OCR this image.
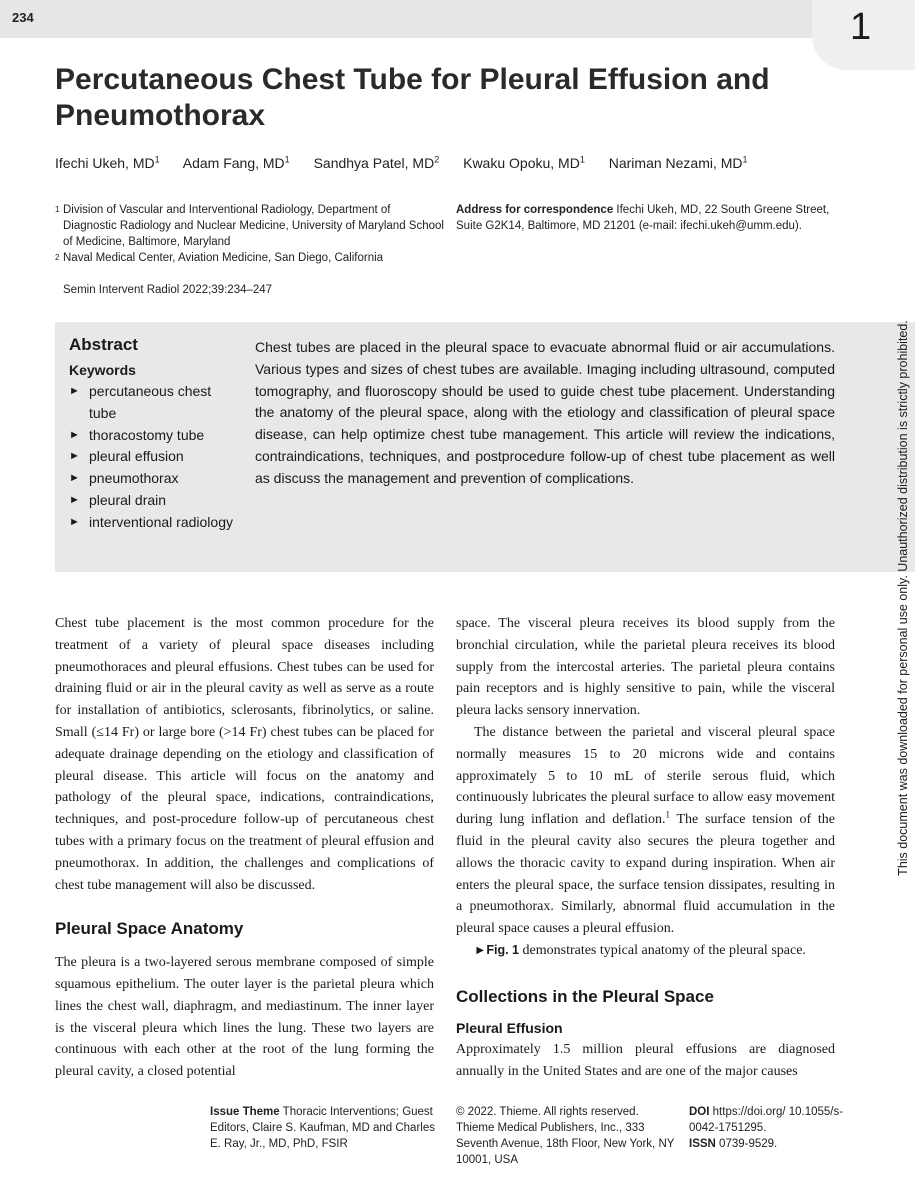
234	1
Percutaneous Chest Tube for Pleural Effusion and Pneumothorax
Ifechi Ukeh, $MD^1$ Adam Fang, $MD^1$ Sandhya Patel, $MD^2$ Kwaku Opoku, $MD^1$ Nariman Nezami, $MD^1$
1 Division of Vascular and Interventional Radiology, Department of Diagnostic Radiology and Nuclear Medicine, University of Maryland School of Medicine, Baltimore, Maryland
2 Naval Medical Center, Aviation Medicine, San Diego, California
Address for correspondence Ifechi Ukeh, MD, 22 South Greene Street, Suite G2K14, Baltimore, MD 21201 (e-mail: ifechi.ukeh@umm.edu).
Semin Intervent Radiol 2022;39:234–247
Abstract
Keywords
► percutaneous chest tube
► thoracostomy tube
► pleural effusion
► pneumothorax
► pleural drain
► interventional radiology

Chest tubes are placed in the pleural space to evacuate abnormal fluid or air accumulations. Various types and sizes of chest tubes are available. Imaging including ultrasound, computed tomography, and fluoroscopy should be used to guide chest tube placement. Understanding the anatomy of the pleural space, along with the etiology and classification of pleural space disease, can help optimize chest tube management. This article will review the indications, contraindications, techniques, and postprocedure follow-up of chest tube placement as well as discuss the management and prevention of complications.	This document was downloaded for personal use only. Unauthorized distribution is strictly prohibited.

Chest tube placement is the most common procedure for the treatment of a variety of pleural space diseases including pneumothoraces and pleural effusions. Chest tubes can be used for draining fluid or air in the pleural cavity as well as serve as a route for installation of antibiotics, sclerosants, fibrinolytics, or saline. Small (≤14 Fr) or large bore (>14 Fr) chest tubes can be placed for adequate drainage depending on the etiology and classification of pleural disease. This article will focus on the anatomy and pathology of the pleural space, indications, contraindications, techniques, and post-procedure follow-up of percutaneous chest tubes with a primary focus on the treatment of pleural effusion and pneumothorax. In addition, the challenges and complications of chest tube management will also be discussed.

Pleural Space Anatomy

The pleura is a two-layered serous membrane composed of simple squamous epithelium. The outer layer is the parietal pleura which lines the chest wall, diaphragm, and mediastinum. The inner layer is the visceral pleura which lines the lung. These two layers are continuous with each other at the root of the lung forming the pleural cavity, a closed potential

space. The visceral pleura receives its blood supply from the bronchial circulation, while the parietal pleura receives its blood supply from the intercostal arteries. The parietal pleura contains pain receptors and is highly sensitive to pain, while the visceral pleura lacks sensory innervation.

The distance between the parietal and visceral pleural space normally measures 15 to 20 microns wide and contains approximately 5 to 10 mL of sterile serous fluid, which continuously lubricates the pleural surface to allow easy movement during lung inflation and deflation.$^1$ The surface tension of the fluid in the pleural cavity also secures the pleura together and allows the thoracic cavity to expand during inspiration. When air enters the pleural space, the surface tension dissipates, resulting in a pneumothorax. Similarly, abnormal fluid accumulation in the pleural space causes a pleural effusion.

►Fig. 1 demonstrates typical anatomy of the pleural space.

Collections in the Pleural Space
Pleural Effusion

Approximately 1.5 million pleural effusions are diagnosed annually in the United States and are one of the major causes

Issue Theme Thoracic Interventions; Guest Editors, Claire S. Kaufman, MD and Charles E. Ray, Jr., MD, PhD, FSIR
© 2022. Thieme. All rights reserved. Thieme Medical Publishers, Inc., 333 Seventh Avenue, 18th Floor, New York, NY 10001, USA
DOI https://doi.org/ 10.1055/s-0042-1751295.
ISSN 0739-9529.
